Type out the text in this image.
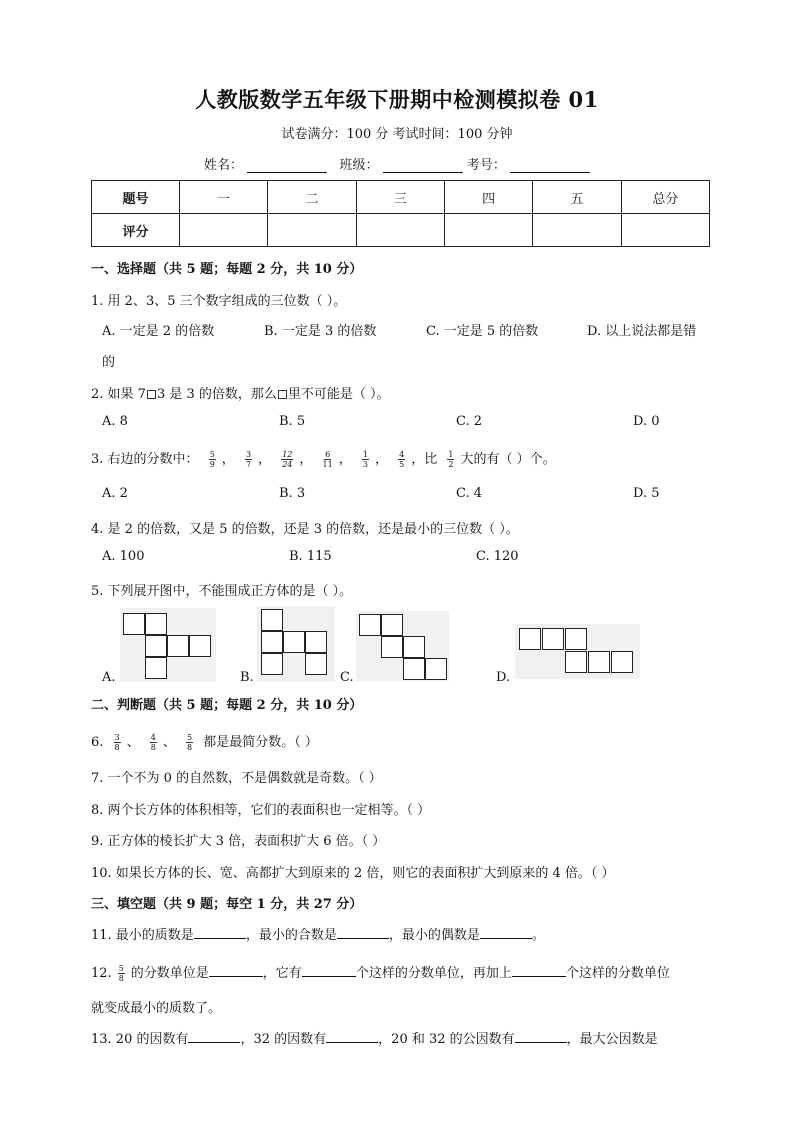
人教版数学五年级下册期中检测模拟卷 01
试卷满分：100 分 考试时间：100 分钟
姓名：	班级：	考号：
题号	一	二	三	四	五	总分
评分						
一、选择题（共 5 题；每题 2 分，共 10 分）
1. 用 2、3、5 三个数字组成的三位数（ ）。
A. 一定是 2 的倍数	B. 一定是 3 的倍数	C. 一定是 5 的倍数	D. 以上说法都是错
的
2. 如果 7 3 是 3 的倍数，那么 里不可能是（ ）。
A. 8	B. 5	C. 2	D. 0
3. 右边的分数中： $\frac{5}{9}$ ， $\frac{3}{7}$ ， $\frac{12}{24}$ ， $\frac{6}{11}$ ， $\frac{1}{3}$ ， $\frac{4}{5}$ ，比 $\frac{1}{2}$ 大的有（ ）个。
A. 2	B. 3	C. 4	D. 5
4. 是 2 的倍数，又是 5 的倍数，还是 3 的倍数，还是最小的三位数（ ）。
A. 100	B. 115	C. 120
5. 下列展开图中，不能围成正方体的是（ ）。
A.	B.	C.	D.
二、判断题（共 5 题；每题 2 分，共 10 分）
6. $\frac{3}{8}$ 、 $\frac{4}{8}$ 、 $\frac{5}{8}$ 都是最简分数。（ ）
7. 一个不为 0 的自然数，不是偶数就是奇数。（ ）
8. 两个长方体的体积相等，它们的表面积也一定相等。（ ）
9. 正方体的棱长扩大 3 倍，表面积扩大 6 倍。（ ）
10. 如果长方体的长、宽、高都扩大到原来的 2 倍，则它的表面积扩大到原来的 4 倍。（ ）
三、填空题（共 9 题；每空 1 分，共 27 分）
11. 最小的质数是	，最小的合数是	，最小的偶数是	。
12. $\frac{5}{8}$ 的分数单位是	，它有	个这样的分数单位，再加上	个这样的分数单位
就变成最小的质数了。
13. 20 的因数有	，32 的因数有	，20 和 32 的公因数有	，最大公因数是
